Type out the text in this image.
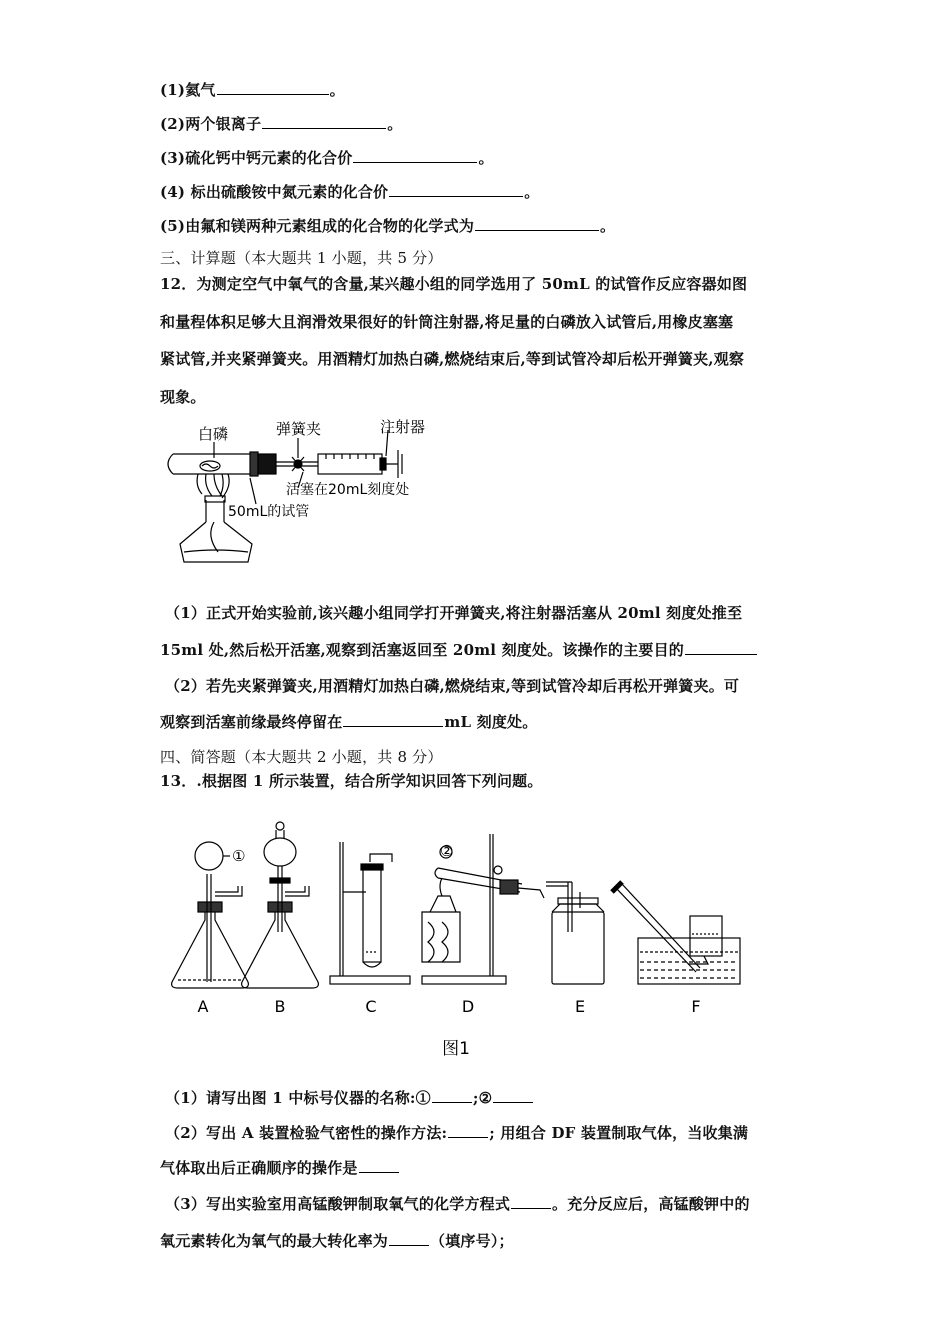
(1)氦气	。
(2)两个银离子	。
(3)硫化钙中钙元素的化合价	。
(4) 标出硫酸铵中氮元素的化合价	。
(5)由氟和镁两种元素组成的化合物的化学式为	。
三、计算题（本大题共 1 小题，共 5 分）
12．为测定空气中氧气的含量,某兴趣小组的同学选用了 50mL 的试管作反应容器如图
和量程体积足够大且润滑效果很好的针筒注射器,将足量的白磷放入试管后,用橡皮塞塞
紧试管,并夹紧弹簧夹。用酒精灯加热白磷,燃烧结束后,等到试管冷却后松开弹簧夹,观察
现象。
白磷	弹簧夹	注射器
活塞在20mL刻度处
50mL的试管
（1）正式开始实验前,该兴趣小组同学打开弹簧夹,将注射器活塞从 20ml 刻度处推至
15ml 处,然后松开活塞,观察到活塞返回至 20ml 刻度处。该操作的主要目的
（2）若先夹紧弹簧夹,用酒精灯加热白磷,燃烧结束,等到试管冷却后再松开弹簧夹。可
观察到活塞前缘最终停留在	mL 刻度处。
四、简答题（本大题共 2 小题，共 8 分）
13．.根据图 1 所示装置，结合所学知识回答下列问题。
A	B	C	D	E	F
①	②
图1
（1）请写出图 1 中标号仪器的名称:①	;②
（2）写出 A 装置检验气密性的操作方法:	; 用组合 DF 装置制取气体，当收集满
气体取出后正确顺序的操作是
（3）写出实验室用高锰酸钾制取氧气的化学方程式	。充分反应后，高锰酸钾中的
氧元素转化为氧气的最大转化率为	（填序号）；
